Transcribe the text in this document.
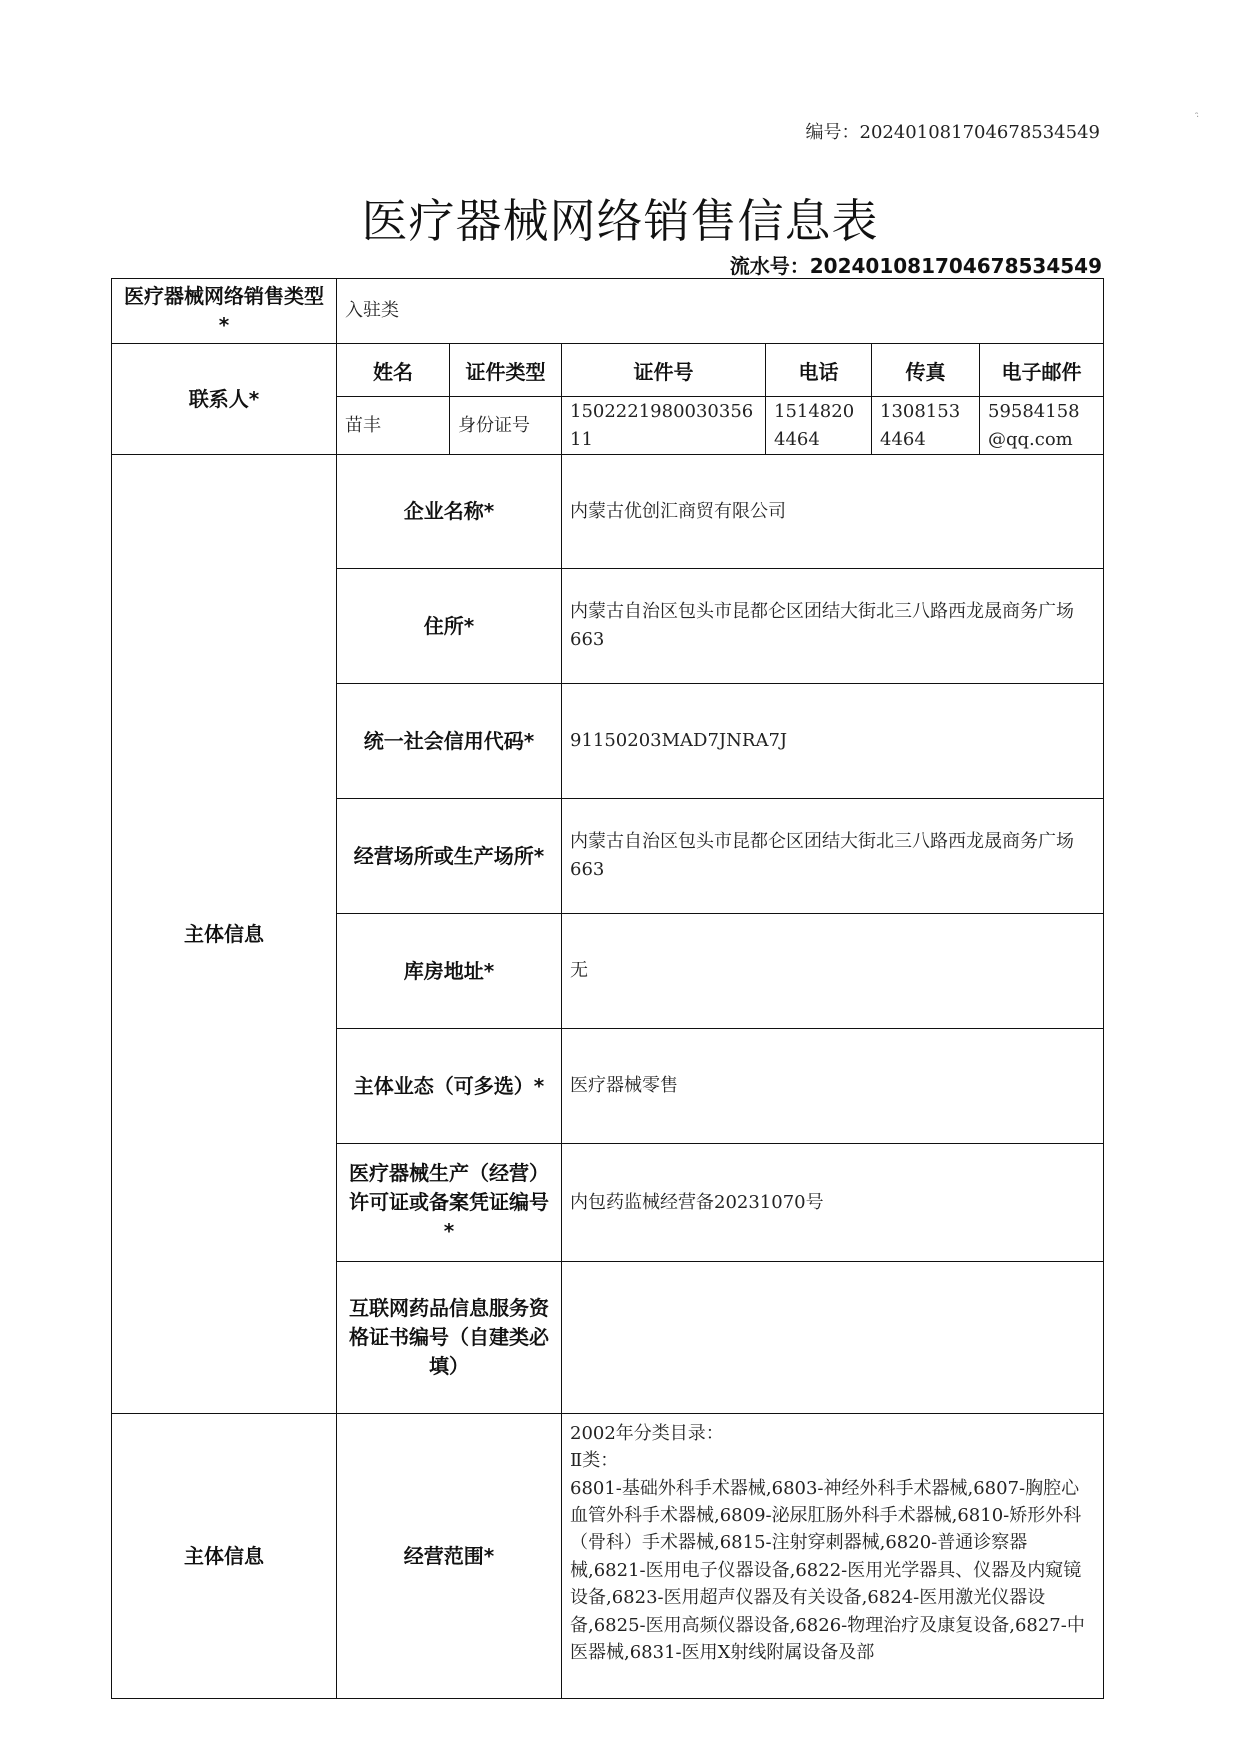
·̑
编号：20240108170467853454​9
医疗器械网络销售信息表
流水号：20240108170467853454​9
医疗器械网络销售类型*	入驻类					
联系人*	姓名	证件类型	证件号	电话	传真	电子邮件
	苗丰	身份证号	150222198003035611	15148204464	13081534464	59584158@qq.com
主体信息	企业名称*		内蒙古优创汇商贸有限公司			
	住所*		内蒙古自治区包头市昆都仑区团结大街北三八路西龙晟商务广场663			
	统一社会信用代码*		91150203MAD7JNRA7J			
	经营场所或生产场所*		内蒙古自治区包头市昆都仑区团结大街北三八路西龙晟商务广场663			
	库房地址*		无			
	主体业态（可多选）*		医疗器械零售			
	医疗器械生产（经营）许可证或备案凭证编号*		内包药监械经营备20231070号			
	互联网药品信息服务资格证书编号（自建类必填）					
主体信息	经营范围*		2002年分类目录：
Ⅱ类：
6801-基础外科手术器械,6803-神经外科手术器械,6807-胸腔心血管外科手术器械,6809-泌尿肛肠外科手术器械,6810-矫形外科（骨科）手术器械,6815-注射穿刺器械,6820-普通诊察器械,6821-医用电子仪器设备,6822-医用光学器具、仪器及内窥镜设备,6823-医用超声仪器及有关设备,6824-医用激光仪器设备,6825-医用高频仪器设备,6826-物理治疗及康复设备,6827-中医器械,6831-医用X射线附属设备及部			
